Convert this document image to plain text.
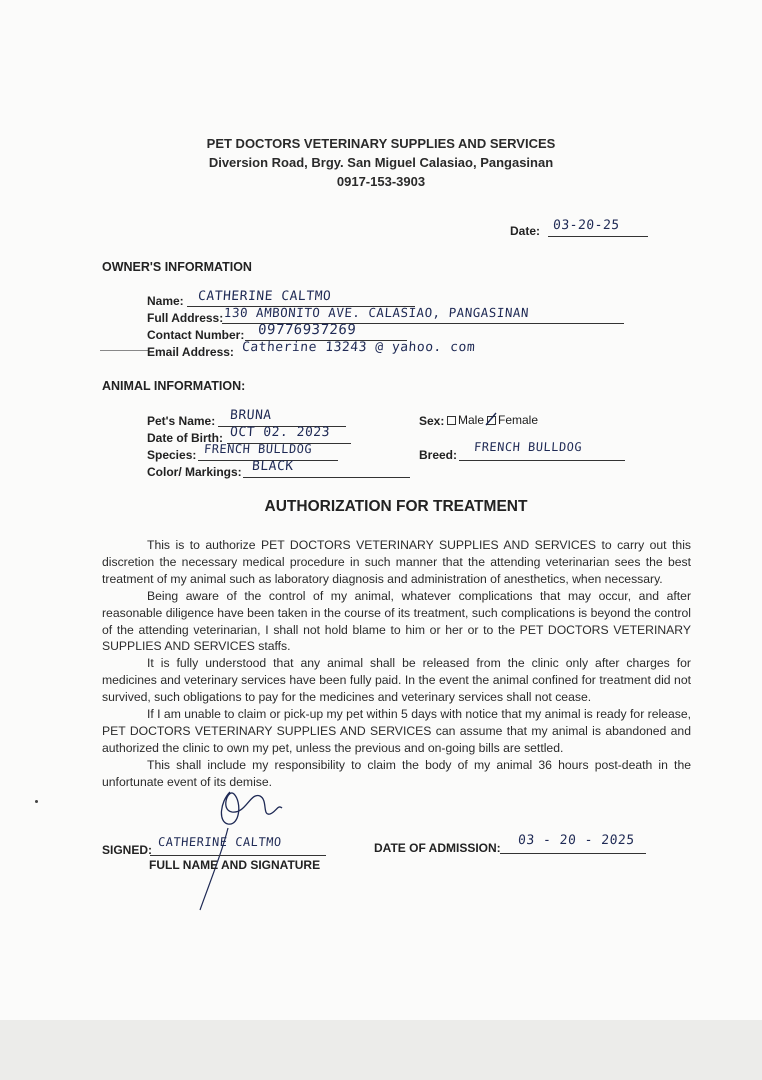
PET DOCTORS VETERINARY SUPPLIES AND SERVICES
Diversion Road, Brgy. San Miguel Calasiao, Pangasinan
0917-153-3903
Date: 03-20-25
OWNER'S INFORMATION
Name: CATHERINE CALTMO
Full Address: 130 AMBONITO AVE. CALASIAO, PANGASINAN
Contact Number: 09776937269
Email Address: Catherine 13243 @ yahoo. com
ANIMAL INFORMATION:
Pet's Name: BRUNA
Date of Birth: OCT 02. 2023
Species: FRENCH BULLDOG
Color/ Markings: BLACK
Sex: Male Female
Breed:
FRENCH BULLDOG
AUTHORIZATION FOR TREATMENT

This is to authorize PET DOCTORS VETERINARY SUPPLIES AND SERVICES to carry out this discretion the necessary medical procedure in such manner that the attending veterinarian sees the best treatment of my animal such as laboratory diagnosis and administration of anesthetics, when necessary.

Being aware of the control of my animal, whatever complications that may occur, and after reasonable diligence have been taken in the course of its treatment, such complications is beyond the control of the attending veterinarian, I shall not hold blame to him or her or to the PET DOCTORS VETERINARY SUPPLIES AND SERVICES staffs.

It is fully understood that any animal shall be released from the clinic only after charges for medicines and veterinary services have been fully paid. In the event the animal confined for treatment did not survived, such obligations to pay for the medicines and veterinary services shall not cease.

If I am unable to claim or pick-up my pet within 5 days with notice that my animal is ready for release, PET DOCTORS VETERINARY SUPPLIES AND SERVICES can assume that my animal is abandoned and authorized the clinic to own my pet, unless the previous and on-going bills are settled.

This shall include my responsibility to claim the body of my animal 36 hours post-death in the unfortunate event of its demise.

SIGNED:
CATHERINE CALTMO
FULL NAME AND SIGNATURE
DATE OF ADMISSION: 03 - 20 - 2025
